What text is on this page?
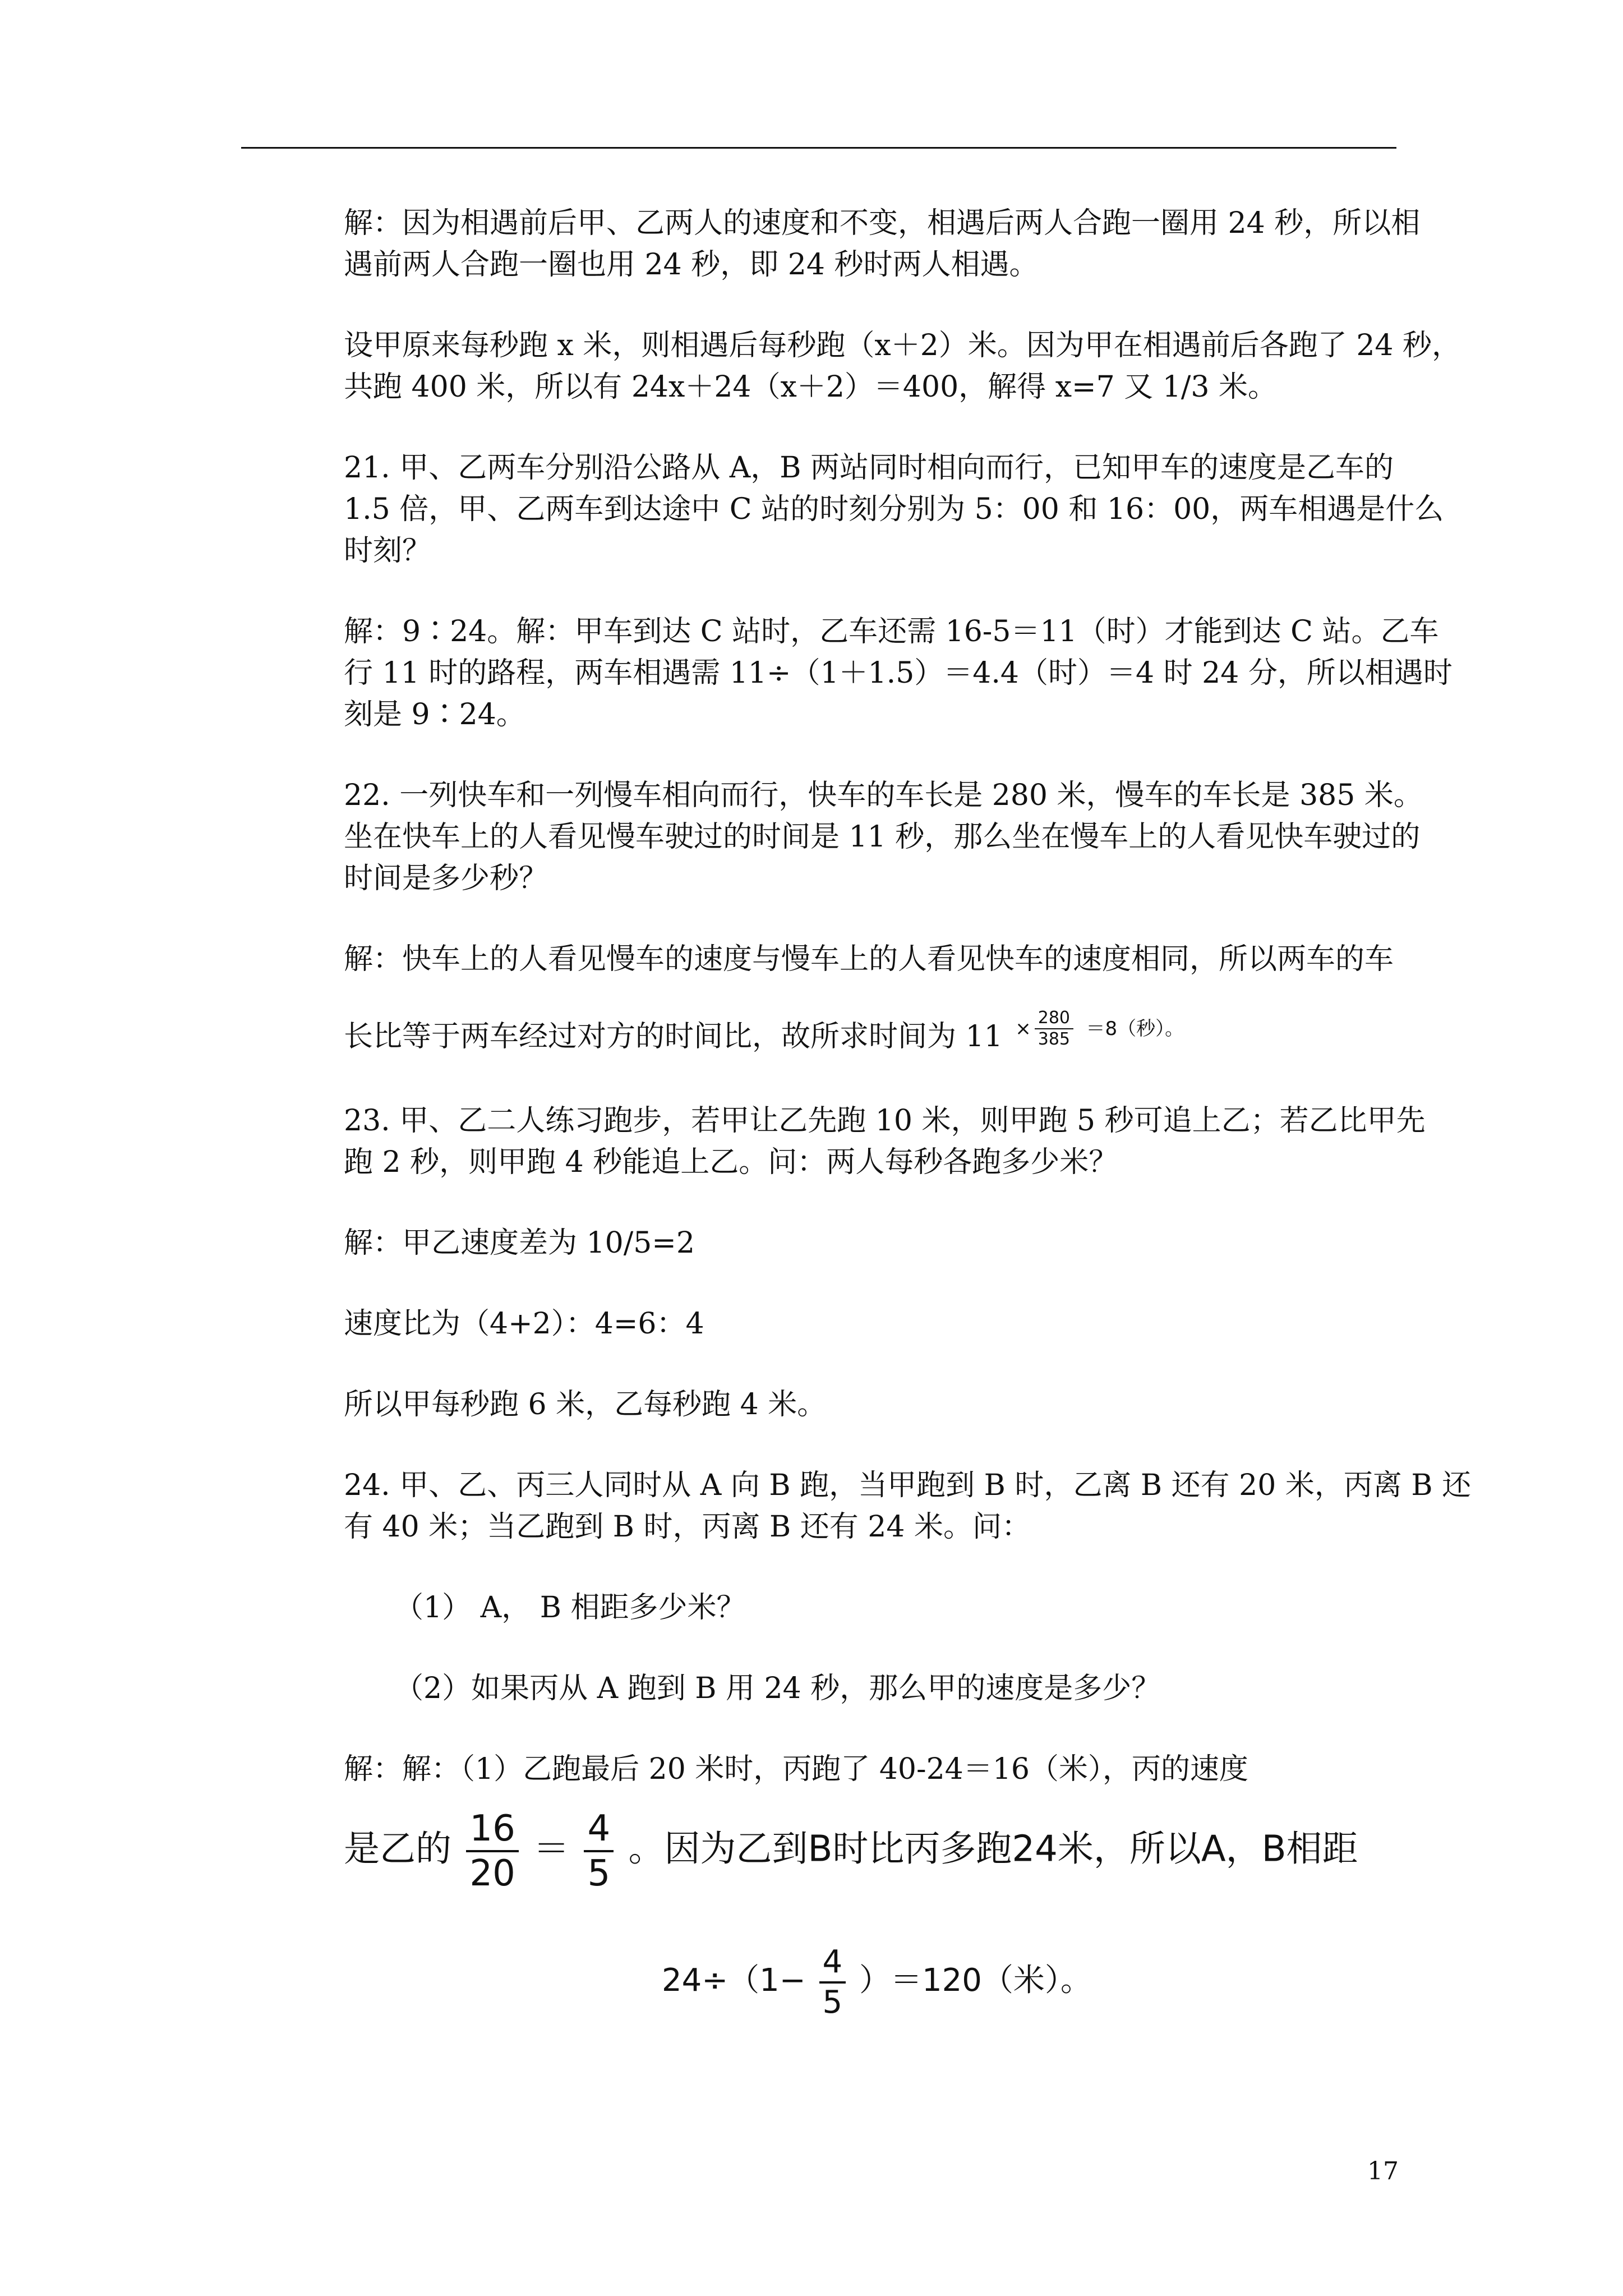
解：因为相遇前后甲、乙两人的速度和不变，相遇后两人合跑一圈用 24 秒，所以相
遇前两人合跑一圈也用 24 秒，即 24 秒时两人相遇。
设甲原来每秒跑 x 米，则相遇后每秒跑（x＋2）米。因为甲在相遇前后各跑了 24 秒，
共跑 400 米，所以有 24x＋24（x＋2）＝400，解得 x=7 又 1/3 米。
21. 甲、乙两车分别沿公路从 A，B 两站同时相向而行，已知甲车的速度是乙车的
1.5 倍，甲、乙两车到达途中 C 站的时刻分别为 5：00 和 16：00，两车相遇是什么
时刻？
解：9∶24。解：甲车到达 C 站时，乙车还需 16-5＝11（时）才能到达 C 站。乙车
行 11 时的路程，两车相遇需 11÷（1＋1.5）＝4.4（时）＝4 时 24 分，所以相遇时
刻是 9∶24。
22. 一列快车和一列慢车相向而行，快车的车长是 280 米，慢车的车长是 385 米。
坐在快车上的人看见慢车驶过的时间是 11 秒，那么坐在慢车上的人看见快车驶过的
时间是多少秒？
解：快车上的人看见慢车的速度与慢车上的人看见快车的速度相同，所以两车的车
23. 甲、乙二人练习跑步，若甲让乙先跑 10 米，则甲跑 5 秒可追上乙；若乙比甲先
跑 2 秒，则甲跑 4 秒能追上乙。问：两人每秒各跑多少米？
解：甲乙速度差为 10/5=2
速度比为（4+2）：4=6：4
所以甲每秒跑 6 米，乙每秒跑 4 米。
24. 甲、乙、丙三人同时从 A 向 B 跑，当甲跑到 B 时，乙离 B 还有 20 米，丙离 B 还
有 40 米；当乙跑到 B 时，丙离 B 还有 24 米。问：
（1） A， B 相距多少米？
（2）如果丙从 A 跑到 B 用 24 秒，那么甲的速度是多少？
解：解：（1）乙跑最后 20 米时，丙跑了 40-24＝16（米），丙的速度
长比等于两车经过对方的时间比，故所求时间为 $11 \times \frac{280}{385} ^{=8(秒)。}$
是乙的 $\frac{16}{20} = \frac{4}{5}$ 。因为乙到B时比丙多跑24米，所以A，B相距
$24\div(1- \frac{4}{5} )=120$（米）。
17
